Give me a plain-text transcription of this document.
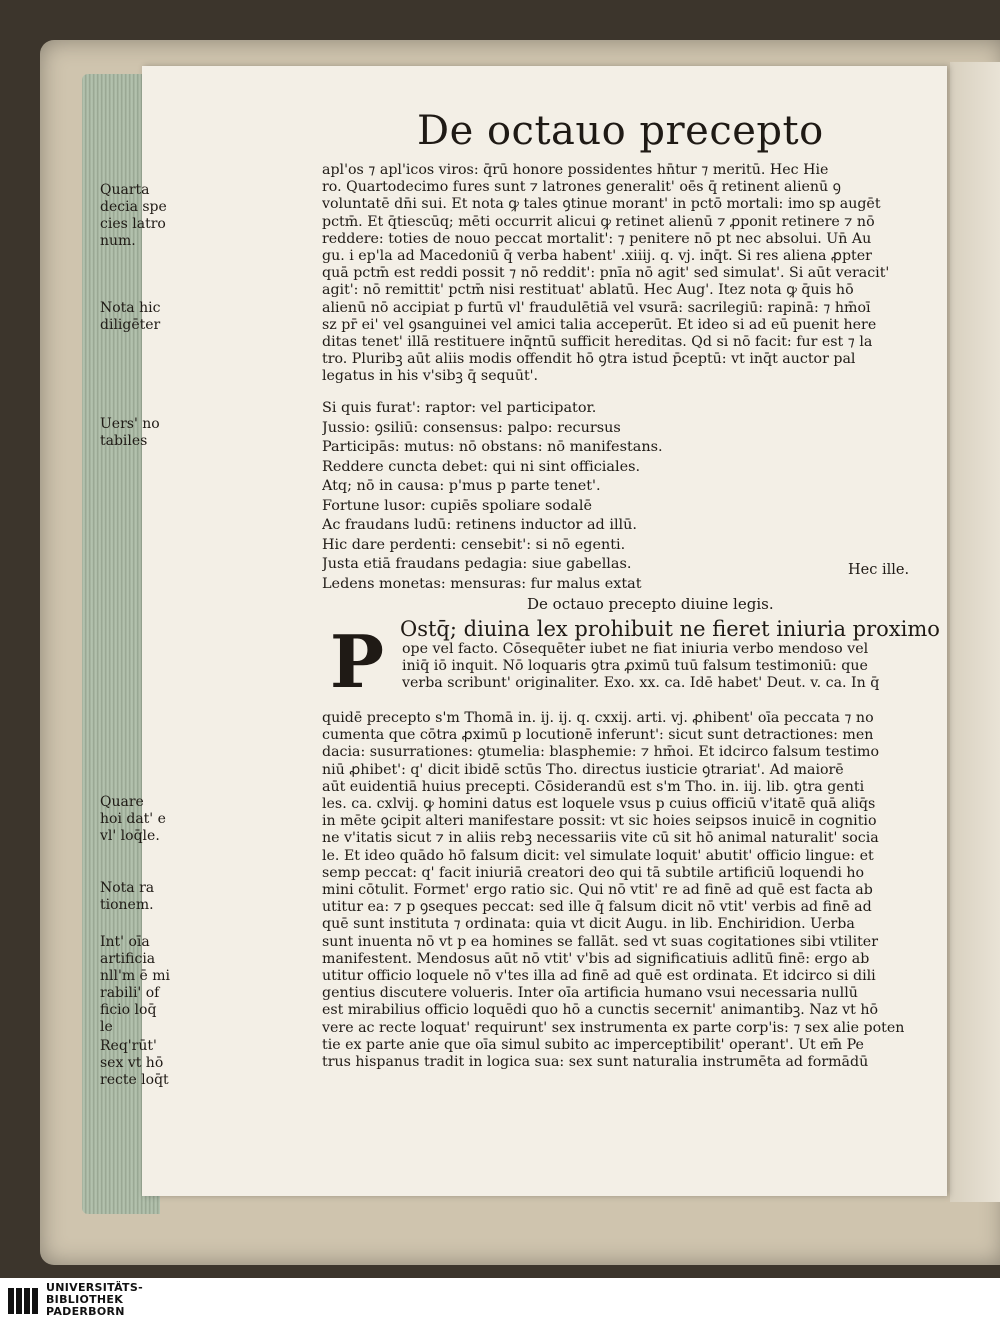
De octauo precepto
apl'os ⁊ apl'icos viros: q̄rū honore possidentes hn̄tur ⁊ meritū. Hec Hie
ro. Quartodecimo fures sunt ⁊ latrones generalit' oēs q̄ retinent alienū ꝯ
voluntatē dn̄i sui. Et nota ꝙ tales ꝯtinue morant' in pctō mortali: imo sp augēt
pctm̄. Et q̄tiescūq; mēti occurrit alicui ꝙ retinet alienū ⁊ ꝓponit retinere ⁊ nō
reddere: toties de nouo peccat mortalit': ⁊ penitere nō pt nec absolui. Un̄ Au
gu. i ep'la ad Macedoniū q̄ verba habent' .xiiij. q. vj. inq̄t. Si res aliena ꝓpter
quā pctm̄ est reddi possit ⁊ nō reddit': pnīa nō agit' sed simulat'. Si aūt veracit'
agit': nō remittit' pctm̄ nisi restituat' ablatū. Hec Aug'. Itez nota ꝙ q̄uis hō
alienū nō accipiat p furtū vl' fraudulētiā vel vsurā: sacrilegiū: rapinā: ⁊ hm̄oī
sz pr̄ ei' vel ꝯsanguinei vel amici talia acceperūt. Et ideo si ad eū puenit here
ditas tenet' illā restituere inq̄ntū sufficit hereditas. Qd̄ si nō facit: fur est ⁊ la
tro. Pluribꝫ aūt aliis modis offendit hō ꝯtra istud p̄ceptū: vt inq̄t auctor pal
legatus in his v'sibꝫ q̄ sequūt'.
Quarta
decia spe
cies latro
num.
Nota hic
diligēter
Uers' no
tabiles
Si quis furat': raptor: vel participator.
Jussio: ꝯsiliū: consensus: palpo: recursus
Participās: mutus: nō obstans: nō manifestans.
Reddere cuncta debet: qui ni sint officiales.
Atq; nō in causa: p'mus p parte tenet'.
Fortune lusor: cupiēs spoliare sodalē
Ac fraudans ludū: retinens inductor ad illū.
Hic dare perdenti: censebit': si nō egenti.
Justa etiā fraudans pedagia: siue gabellas.
Ledens monetas: mensuras: fur malus extat
Hec ille.
De octauo precepto diuine legis.
P Ostq̄; diuina lex prohibuit ne fieret iniuria proximo
ope vel facto. Cōsequēter iubet ne fiat iniuria verbo mendoso vel
iniq̄ iō inquit. Nō loquaris ꝯtra ꝓximū tuū falsum testimoniū: que
verba scribunt' originaliter. Exo. xx. ca. Idē habet' Deut. v. ca. In q̄
quidē precepto s'm Thomā in. ij. ij. q. cxxij. arti. vj. ꝓhibent' oīa peccata ⁊ no
cumenta que cōtra ꝓximū p locutionē inferunt': sicut sunt detractiones: men
dacia: susurrationes: ꝯtumelia: blasphemie: ⁊ hm̄oi. Et idcirco falsum testimo
niū ꝓhibet': q' dicit ibidē sctūs Tho. directus iusticie ꝯtrariat'. Ad maiorē
aūt euidentiā huius precepti. Cōsiderandū est s'm Tho. in. iij. lib. ꝯtra genti
les. ca. cxlvij. ꝙ homini datus est loquele vsus p cuius officiū v'itatē quā aliq̄s
in mēte ꝯcipit alteri manifestare possit: vt sic hoies seipsos inuicē in cognitio
ne v'itatis sicut ⁊ in aliis rebꝫ necessariis vite cū sit hō animal naturalit' socia
le. Et ideo quādo hō falsum dicit: vel simulate loquit' abutit' officio lingue: et
semp peccat: q' facit iniuriā creatori deo qui tā subtile artificiū loquendi ho
mini cōtulit. Formet' ergo ratio sic. Qui nō vtit' re ad finē ad quē est facta ab
utitur ea: ⁊ p ꝯseques peccat: sed ille q̄ falsum dicit nō vtit' verbis ad finē ad
quē sunt instituta ⁊ ordinata: quia vt dicit Augu. in lib. Enchiridion. Uerba
sunt inuenta nō vt p ea homines se fallāt. sed vt suas cogitationes sibi vtiliter
manifestent. Mendosus aūt nō vtit' v'bis ad significatiuis adlitū finē: ergo ab
utitur officio loquele nō v'tes illa ad finē ad quē est ordinata. Et idcirco si dili
gentius discutere volueris. Inter oīa artificia humano vsui necessaria nullū
est mirabilius officio loquēdi quo hō a cunctis secernit' animantibꝫ. Naz vt hō
vere ac recte loquat' requirunt' sex instrumenta ex parte corp'is: ⁊ sex alie poten
tie ex parte anie que oīa simul subito ac imperceptibilit' operant'. Ut em̄ Pe
trus hispanus tradit in logica sua: sex sunt naturalia instrumēta ad formādū
Quare
hoi dat' e
vl' loq̄le.
Nota ra
tionem.
Int' oīa
artificia
nll'm ē mi
rabili' of
ficio loq̄
le
Req'rūt'
sex vt hō
recte loq̄t
UNIVERSITÄTS-
BIBLIOTHEK
PADERBORN
